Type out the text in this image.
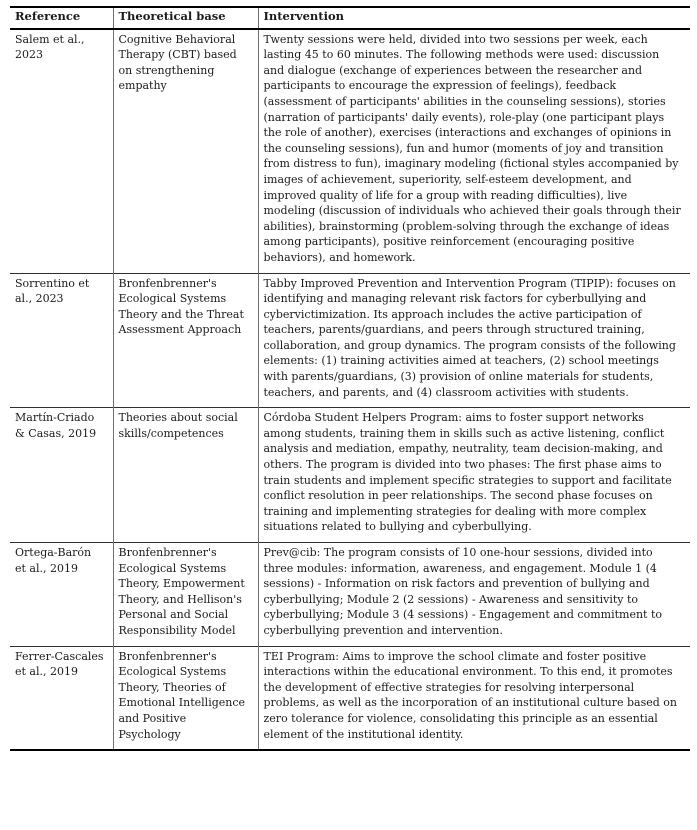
Reference	Theoretical base	Intervention
Salem et al., 2023	Cognitive Behavioral Therapy (CBT) based on strengthening empathy	Twenty sessions were held, divided into two sessions per week, each lasting 45 to 60 minutes. The following methods were used: discussion and dialogue (exchange of experiences between the researcher and participants to encourage the expression of feelings), feedback (assessment of participants' abilities in the counseling sessions), stories (narration of participants' daily events), role-play (one participant plays the role of another), exercises (interactions and exchanges of opinions in the counseling sessions), fun and humor (moments of joy and transition from distress to fun), imaginary modeling (fictional styles accompanied by images of achievement, superiority, self-esteem development, and improved quality of life for a group with reading difficulties), live modeling (discussion of individuals who achieved their goals through their abilities), brainstorming (problem-solving through the exchange of ideas among participants), positive reinforcement (encouraging positive behaviors), and homework.
Sorrentino et al., 2023	Bronfenbrenner's Ecological Systems Theory and the Threat Assessment Approach	Tabby Improved Prevention and Intervention Program (TIPIP): focuses on identifying and managing relevant risk factors for cyberbullying and cybervictimization. Its approach includes the active participation of teachers, parents/guardians, and peers through structured training, collaboration, and group dynamics. The program consists of the following elements: (1) training activities aimed at teachers, (2) school meetings with parents/guardians, (3) provision of online materials for students, teachers, and parents, and (4) classroom activities with students.
Martín-Criado & Casas, 2019	Theories about social skills/competences	Córdoba Student Helpers Program: aims to foster support networks among students, training them in skills such as active listening, conflict analysis and mediation, empathy, neutrality, team decision-making, and others. The program is divided into two phases: The first phase aims to train students and implement specific strategies to support and facilitate conflict resolution in peer relationships. The second phase focuses on training and implementing strategies for dealing with more complex situations related to bullying and cyberbullying.
Ortega-Barón et al., 2019	Bronfenbrenner's Ecological Systems Theory, Empowerment Theory, and Hellison's Personal and Social Responsibility Model	Prev@cib: The program consists of 10 one-hour sessions, divided into three modules: information, awareness, and engagement. Module 1 (4 sessions) - Information on risk factors and prevention of bullying and cyberbullying; Module 2 (2 sessions) - Awareness and sensitivity to cyberbullying; Module 3 (4 sessions) - Engagement and commitment to cyberbullying prevention and intervention.
Ferrer-Cascales et al., 2019	Bronfenbrenner's Ecological Systems Theory, Theories of Emotional Intelligence and Positive Psychology	TEI Program: Aims to improve the school climate and foster positive interactions within the educational environment. To this end, it promotes the development of effective strategies for resolving interpersonal problems, as well as the incorporation of an institutional culture based on zero tolerance for violence, consolidating this principle as an essential element of the institutional identity.
